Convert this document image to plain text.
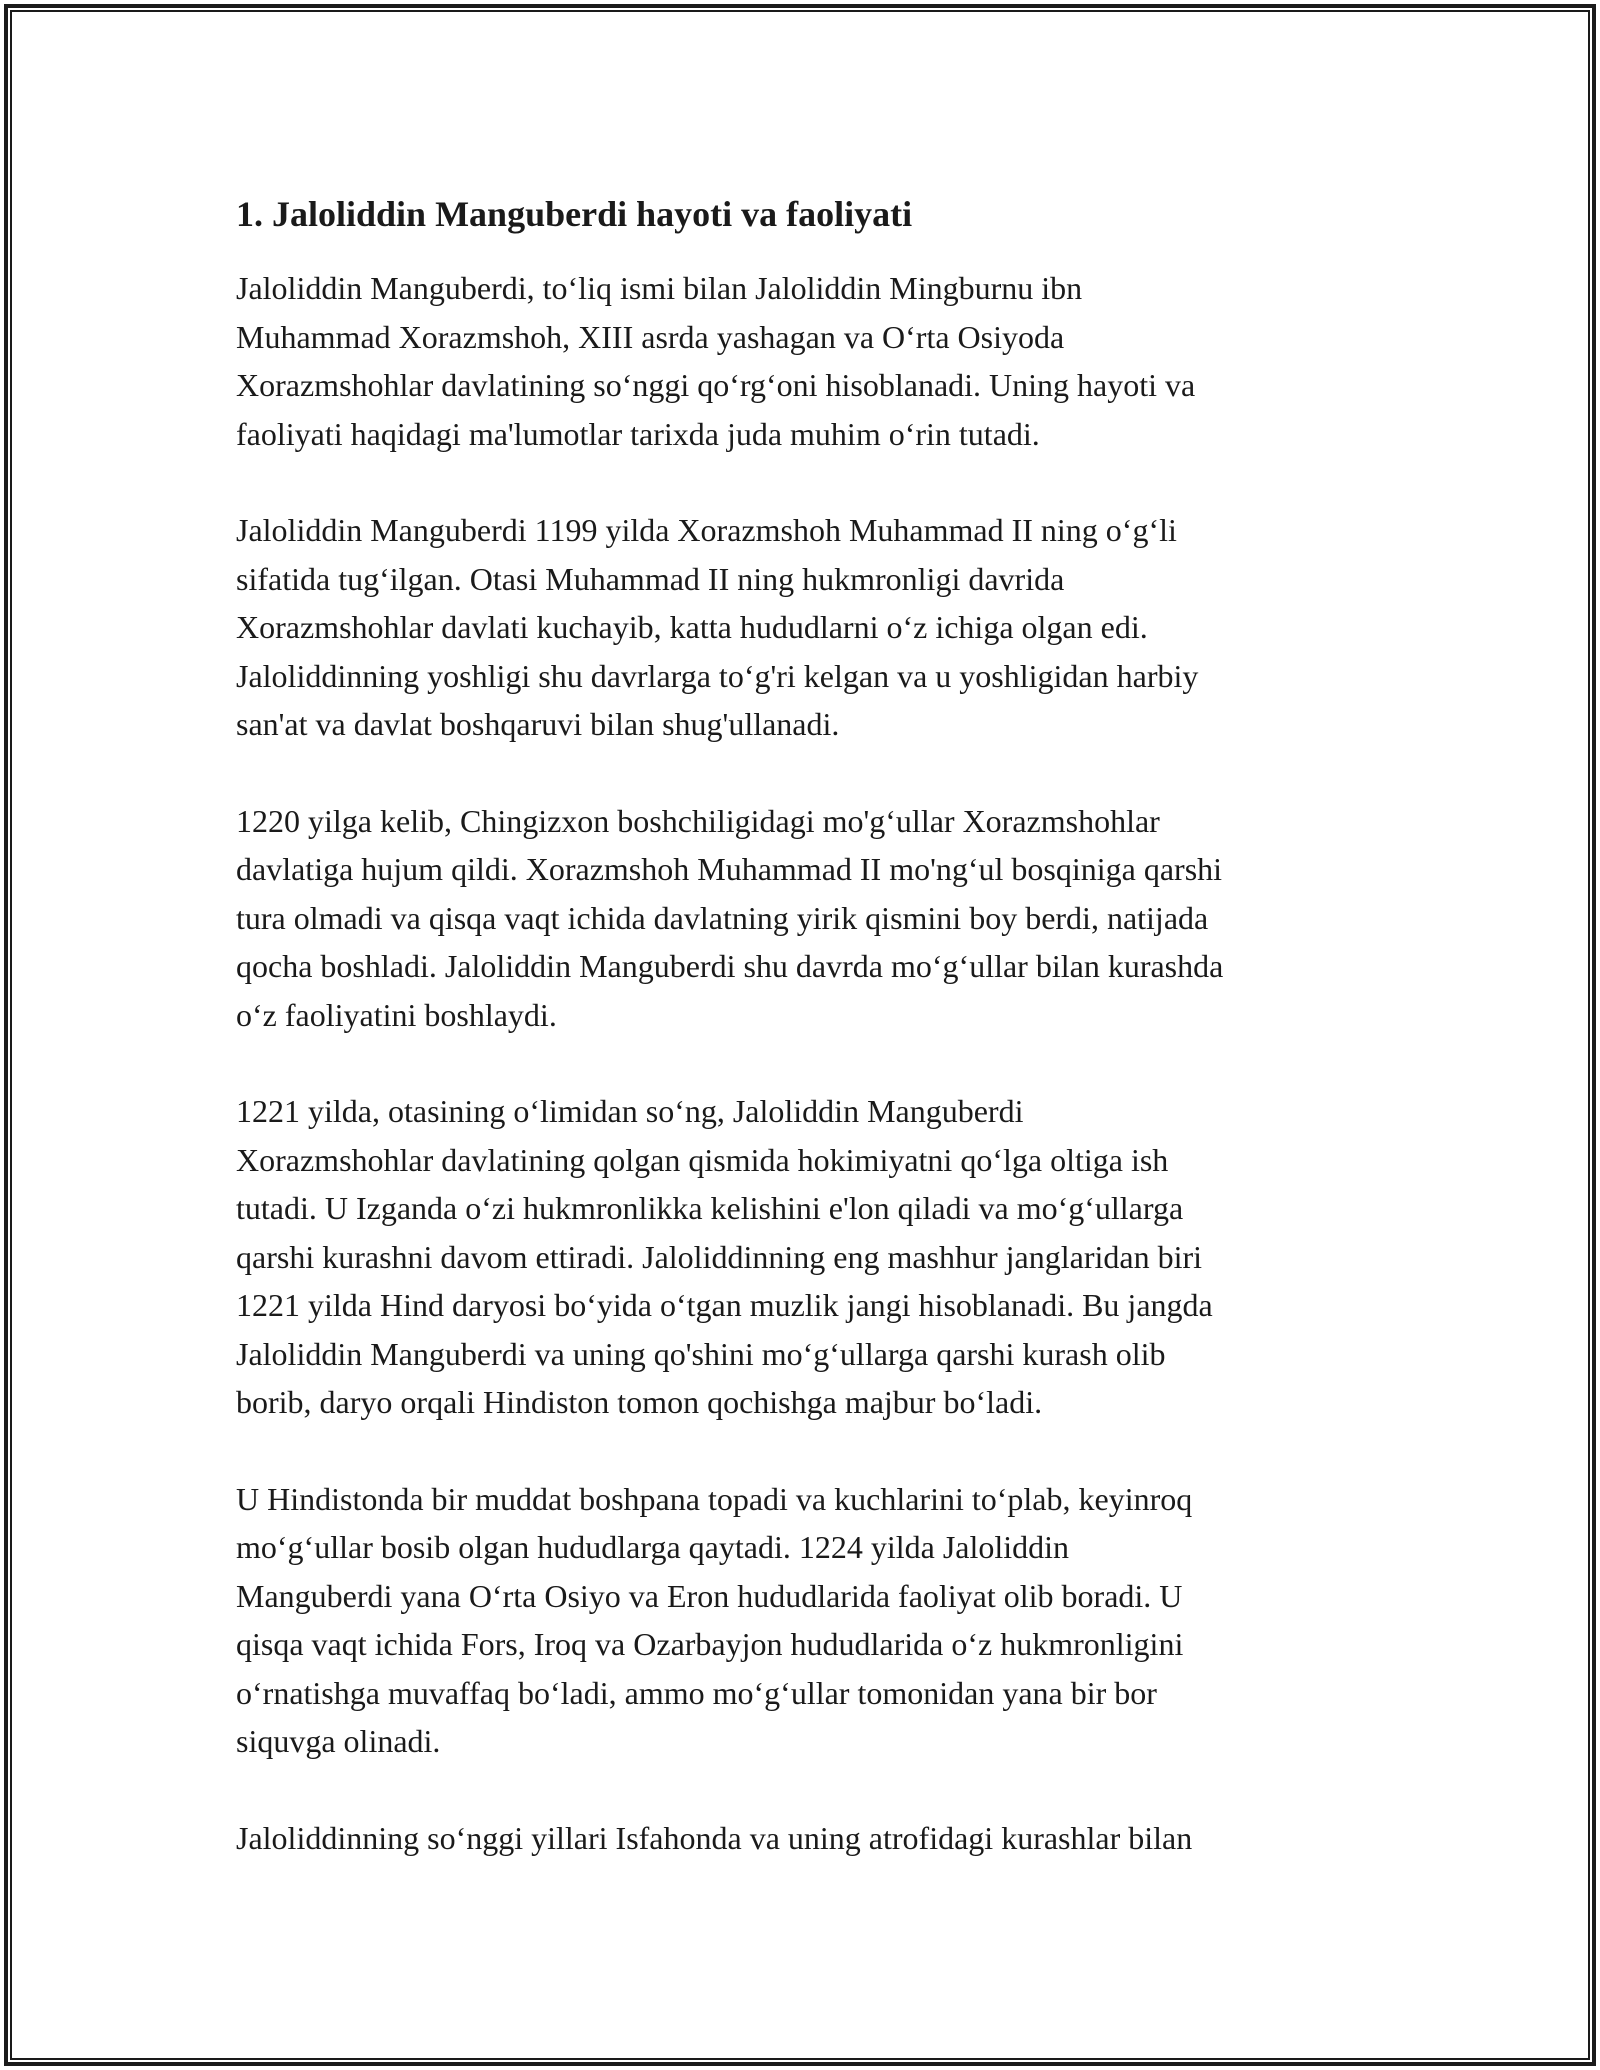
1. Jaloliddin Manguberdi hayoti va faoliyati

Jaloliddin Manguberdi, to‘liq ismi bilan Jaloliddin Mingburnu ibn
Muhammad Xorazmshoh, XIII asrda yashagan va O‘rta Osiyoda
Xorazmshohlar davlatining so‘nggi qo‘rg‘oni hisoblanadi. Uning hayoti va
faoliyati haqidagi ma'lumotlar tarixda juda muhim o‘rin tutadi.

Jaloliddin Manguberdi 1199 yilda Xorazmshoh Muhammad II ning o‘g‘li
sifatida tug‘ilgan. Otasi Muhammad II ning hukmronligi davrida
Xorazmshohlar davlati kuchayib, katta hududlarni o‘z ichiga olgan edi.
Jaloliddinning yoshligi shu davrlarga to‘g'ri kelgan va u yoshligidan harbiy
san'at va davlat boshqaruvi bilan shug'ullanadi.

1220 yilga kelib, Chingizxon boshchiligidagi mo'g‘ullar Xorazmshohlar
davlatiga hujum qildi. Xorazmshoh Muhammad II mo'ng‘ul bosqiniga qarshi
tura olmadi va qisqa vaqt ichida davlatning yirik qismini boy berdi, natijada
qocha boshladi. Jaloliddin Manguberdi shu davrda mo‘g‘ullar bilan kurashda
o‘z faoliyatini boshlaydi.

1221 yilda, otasining o‘limidan so‘ng, Jaloliddin Manguberdi
Xorazmshohlar davlatining qolgan qismida hokimiyatni qo‘lga oltiga ish
tutadi. U Izganda o‘zi hukmronlikka kelishini e'lon qiladi va mo‘g‘ullarga
qarshi kurashni davom ettiradi. Jaloliddinning eng mashhur janglaridan biri
1221 yilda Hind daryosi bo‘yida o‘tgan muzlik jangi hisoblanadi. Bu jangda
Jaloliddin Manguberdi va uning qo'shini mo‘g‘ullarga qarshi kurash olib
borib, daryo orqali Hindiston tomon qochishga majbur bo‘ladi.

U Hindistonda bir muddat boshpana topadi va kuchlarini to‘plab, keyinroq
mo‘g‘ullar bosib olgan hududlarga qaytadi. 1224 yilda Jaloliddin
Manguberdi yana O‘rta Osiyo va Eron hududlarida faoliyat olib boradi. U
qisqa vaqt ichida Fors, Iroq va Ozarbayjon hududlarida o‘z hukmronligini
o‘rnatishga muvaffaq bo‘ladi, ammo mo‘g‘ullar tomonidan yana bir bor
siquvga olinadi.

Jaloliddinning so‘nggi yillari Isfahonda va uning atrofidagi kurashlar bilan
